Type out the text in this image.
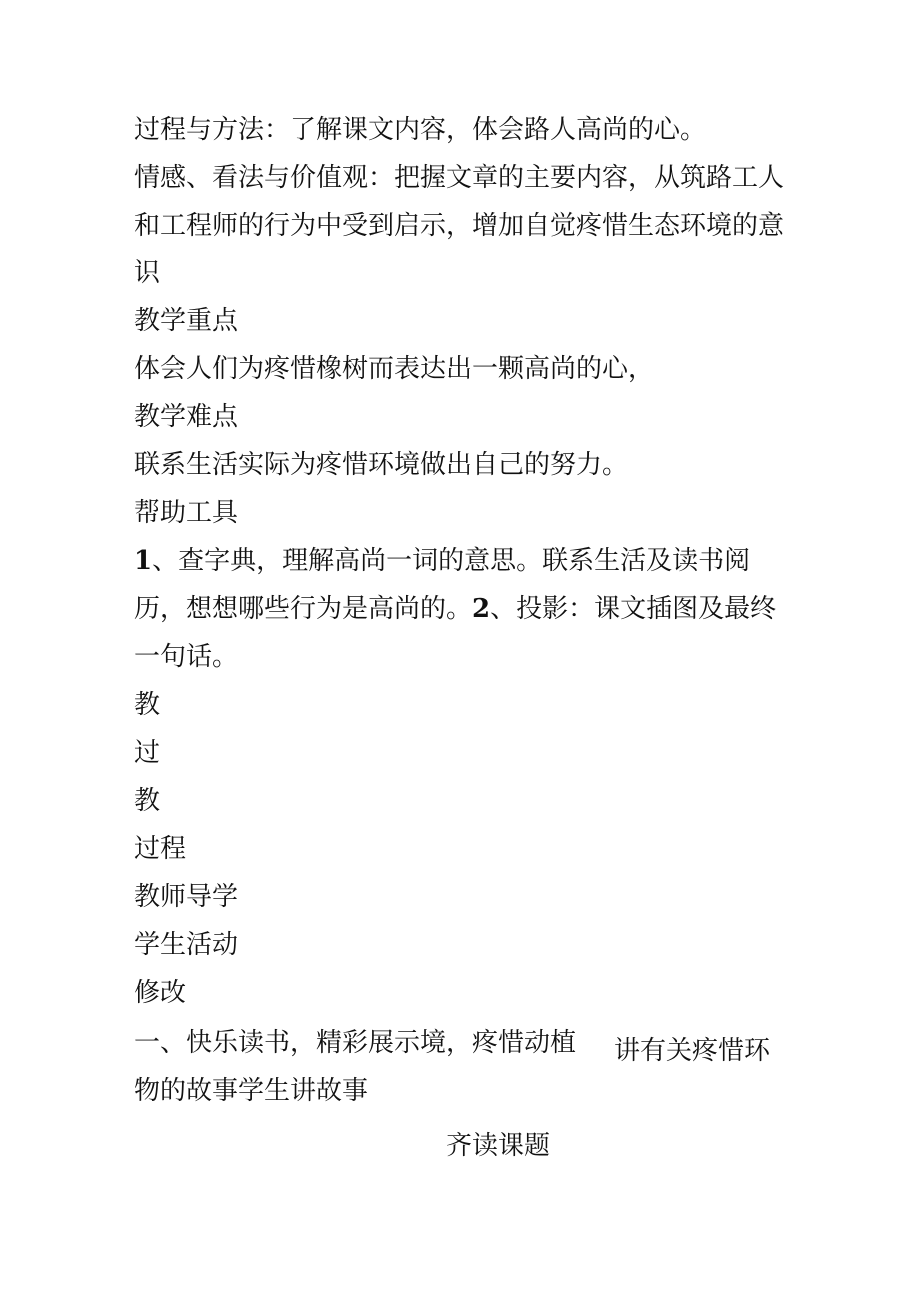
过程与方法：了解课文内容，体会路人高尚的心。
情感、看法与价值观：把握文章的主要内容，从筑路工人
和工程师的行为中受到启示，增加自觉疼惜生态环境的意
识
教学重点
体会人们为疼惜橡树而表达出一颗高尚的心，
教学难点
联系生活实际为疼惜环境做出自己的努力。
帮助工具
1、查字典，理解高尚一词的意思。联系生活及读书阅
历，想想哪些行为是高尚的。2、投影：课文插图及最终
一句话。
教
过
教
过程
教师导学
学生活动
修改
一、快乐读书，精彩展示境，疼惜动植
物的故事学生讲故事
讲有关疼惜环
齐读课题
